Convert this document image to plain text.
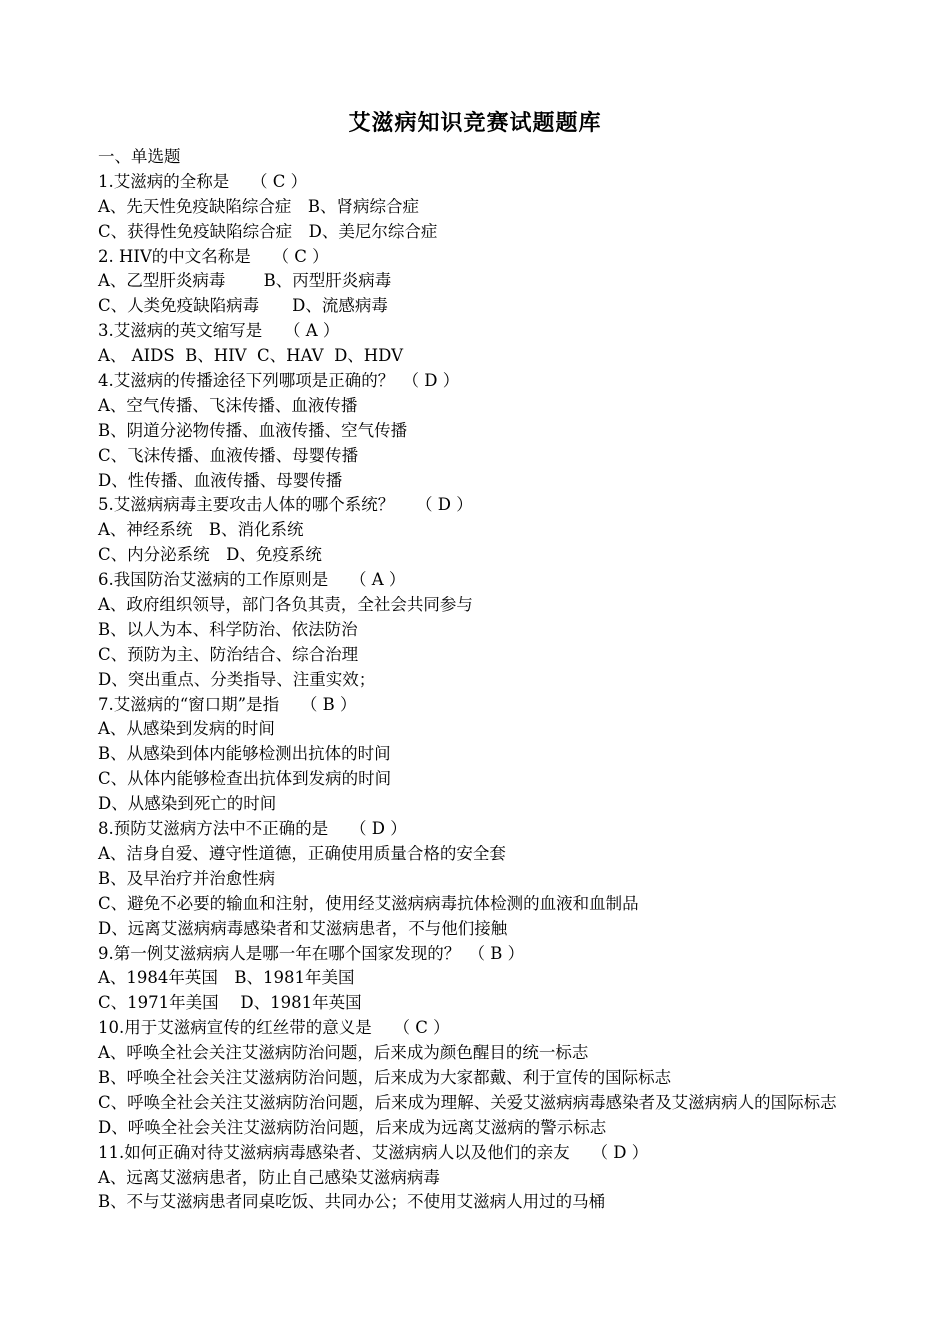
艾滋病知识竞赛试题题库
一、单选题
1.艾滋病的全称是　 （ C ）
A、先天性免疫缺陷综合症　B、肾病综合症
C、获得性免疫缺陷综合症　D、美尼尔综合症
2. HIV的中文名称是　 （ C ）
A、乙型肝炎病毒　　 B、丙型肝炎病毒
C、人类免疫缺陷病毒　　D、流感病毒
3.艾滋病的英文缩写是　 （ A ）
A、 AIDS  B、HIV  C、HAV  D、HDV
4.艾滋病的传播途径下列哪项是正确的？　（ D ）
A、空气传播、飞沫传播、血液传播
B、阴道分泌物传播、血液传播、空气传播
C、飞沫传播、血液传播、母婴传播
D、性传播、血液传播、母婴传播
5.艾滋病病毒主要攻击人体的哪个系统？　 （ D ）
A、神经系统　B、消化系统
C、内分泌系统　D、免疫系统
6.我国防治艾滋病的工作原则是　 （ A ）
A、政府组织领导，部门各负其责，全社会共同参与
B、以人为本、科学防治、依法防治
C、预防为主、防治结合、综合治理
D、突出重点、分类指导、注重实效；
7.艾滋病的“窗口期”是指　 （ B ）
A、从感染到发病的时间
B、从感染到体内能够检测出抗体的时间
C、从体内能够检查出抗体到发病的时间
D、从感染到死亡的时间
8.预防艾滋病方法中不正确的是　 （ D ）
A、洁身自爱、遵守性道德，正确使用质量合格的安全套
B、及早治疗并治愈性病
C、避免不必要的输血和注射，使用经艾滋病病毒抗体检测的血液和血制品
D、远离艾滋病病毒感染者和艾滋病患者，不与他们接触
9.第一例艾滋病病人是哪一年在哪个国家发现的？　（ B ）
A、1984年英国　B、1981年美国
C、1971年美国　 D、1981年英国
10.用于艾滋病宣传的红丝带的意义是　 （ C ）
A、呼唤全社会关注艾滋病防治问题，后来成为颜色醒目的统一标志
B、呼唤全社会关注艾滋病防治问题，后来成为大家都戴、利于宣传的国际标志
C、呼唤全社会关注艾滋病防治问题，后来成为理解、关爱艾滋病病毒感染者及艾滋病病人的国际标志
D、呼唤全社会关注艾滋病防治问题，后来成为远离艾滋病的警示标志
11.如何正确对待艾滋病病毒感染者、艾滋病病人以及他们的亲友　 （ D ）
A、远离艾滋病患者，防止自己感染艾滋病病毒
B、不与艾滋病患者同桌吃饭、共同办公；不使用艾滋病人用过的马桶
